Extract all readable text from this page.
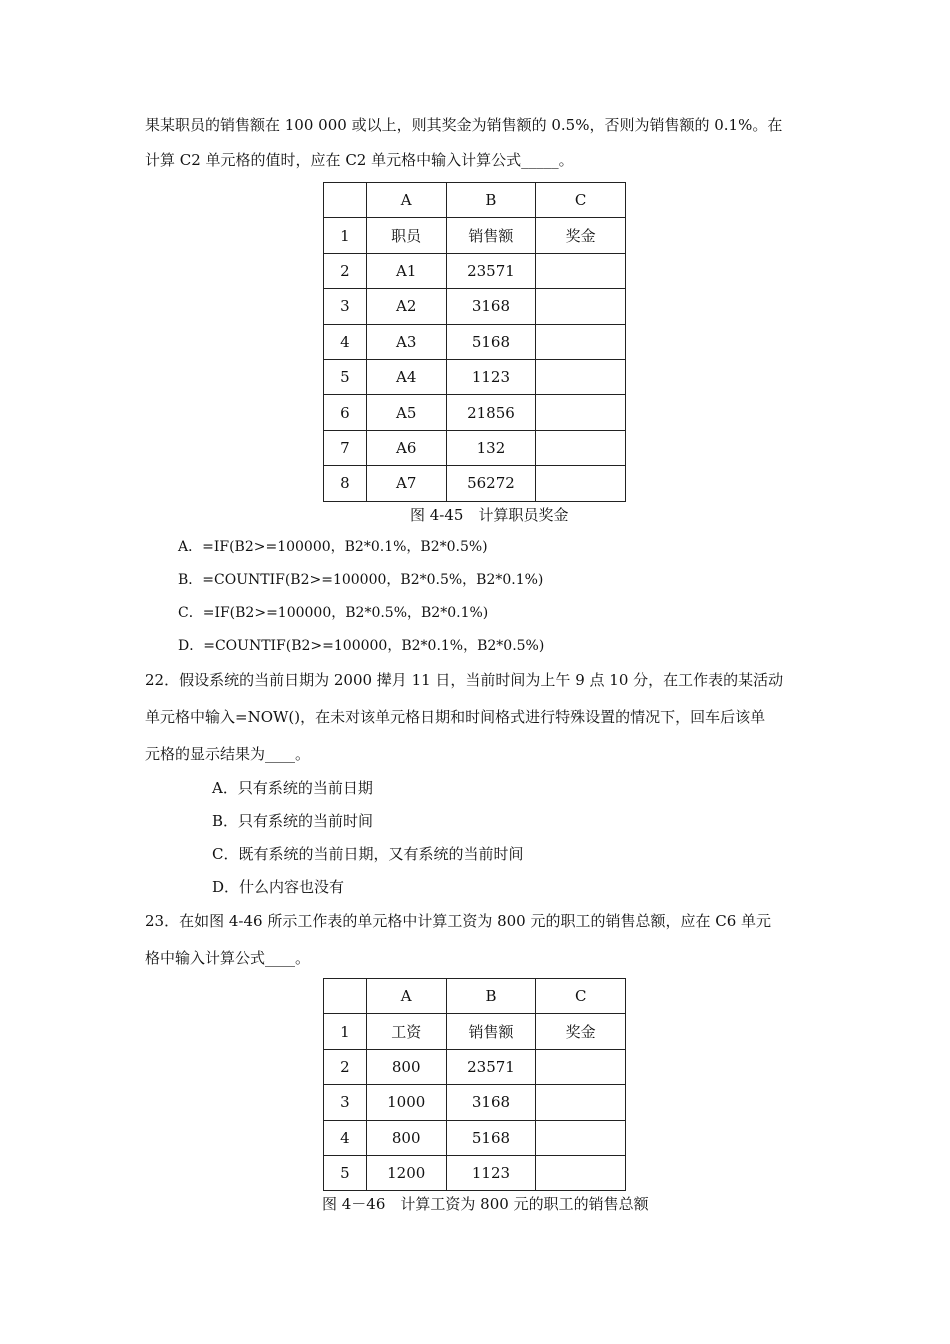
果某职员的销售额在 100 000 或以上，则其奖金为销售额的 0.5%，否则为销售额的 0.1%。在
计算 C2 单元格的值时，应在 C2 单元格中输入计算公式_____。
	A	B	C
1	职员	销售额	奖金
2	A1	23571	
3	A2	3168	
4	A3	5168	
5	A4	1123	
6	A5	21856	
7	A6	132	
8	A7	56272	
图 4-45　计算职员奖金
A．=IF(B2>=100000，B2*0.1%，B2*0.5%)
B．=COUNTIF(B2>=100000，B2*0.5%，B2*0.1%)
C．=IF(B2>=100000，B2*0.5%，B2*0.1%)
D．=COUNTIF(B2>=100000，B2*0.1%，B2*0.5%)
22．假设系统的当前日期为 2000 撵月 11 日，当前时间为上午 9 点 10 分，在工作表的某活动
单元格中输入=NOW()，在未对该单元格日期和时间格式进行特殊设置的情况下，回车后该单
元格的显示结果为____。
A．只有系统的当前日期
B．只有系统的当前时间
C．既有系统的当前日期，又有系统的当前时间
D．什么内容也没有
23．在如图 4-46 所示工作表的单元格中计算工资为 800 元的职工的销售总额，应在 C6 单元
格中输入计算公式____。
	A	B	C
1	工资	销售额	奖金
2	800	23571	
3	1000	3168	
4	800	5168	
5	1200	1123	
图 4－46　计算工资为 800 元的职工的销售总额
